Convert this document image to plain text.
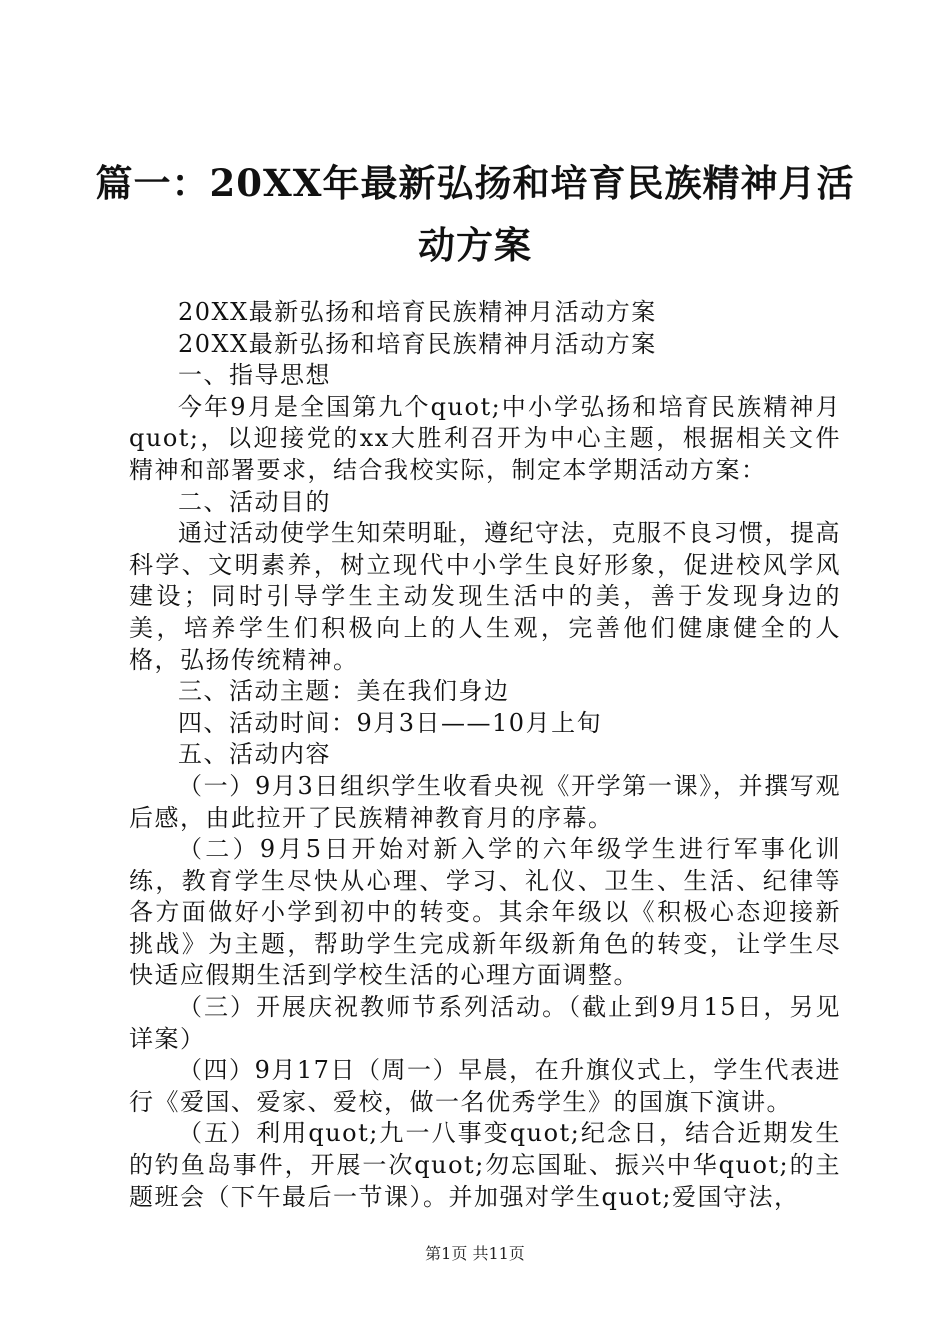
篇一：20XX年最新弘扬和培育民族精神月活动方案

20XX最新弘扬和培育民族精神月活动方案

20XX最新弘扬和培育民族精神月活动方案

一、指导思想

今年9月是全国第九个quot;中小学弘扬和培育民族精神月quot;，以迎接党的xx大胜利召开为中心主题，根据相关文件精神和部署要求，结合我校实际，制定本学期活动方案：

二、活动目的

通过活动使学生知荣明耻，遵纪守法，克服不良习惯，提高科学、文明素养，树立现代中小学生良好形象，促进校风学风建设；同时引导学生主动发现生活中的美，善于发现身边的美，培养学生们积极向上的人生观，完善他们健康健全的人格，弘扬传统精神。

三、活动主题：美在我们身边

四、活动时间：9月3日——10月上旬

五、活动内容

（一）9月3日组织学生收看央视《开学第一课》，并撰写观后感，由此拉开了民族精神教育月的序幕。

（二）9月5日开始对新入学的六年级学生进行军事化训练，教育学生尽快从心理、学习、礼仪、卫生、生活、纪律等各方面做好小学到初中的转变。其余年级以《积极心态迎接新挑战》为主题，帮助学生完成新年级新角色的转变，让学生尽快适应假期生活到学校生活的心理方面调整。

（三）开展庆祝教师节系列活动。（截止到9月15日，另见详案）

（四）9月17日（周一）早晨，在升旗仪式上，学生代表进行《爱国、爱家、爱校，做一名优秀学生》的国旗下演讲。

（五）利用quot;九一八事变quot;纪念日，结合近期发生的钓鱼岛事件，开展一次quot;勿忘国耻、振兴中华quot;的主题班会（下午最后一节课）。并加强对学生quot;爱国守法，

第1页 共11页
